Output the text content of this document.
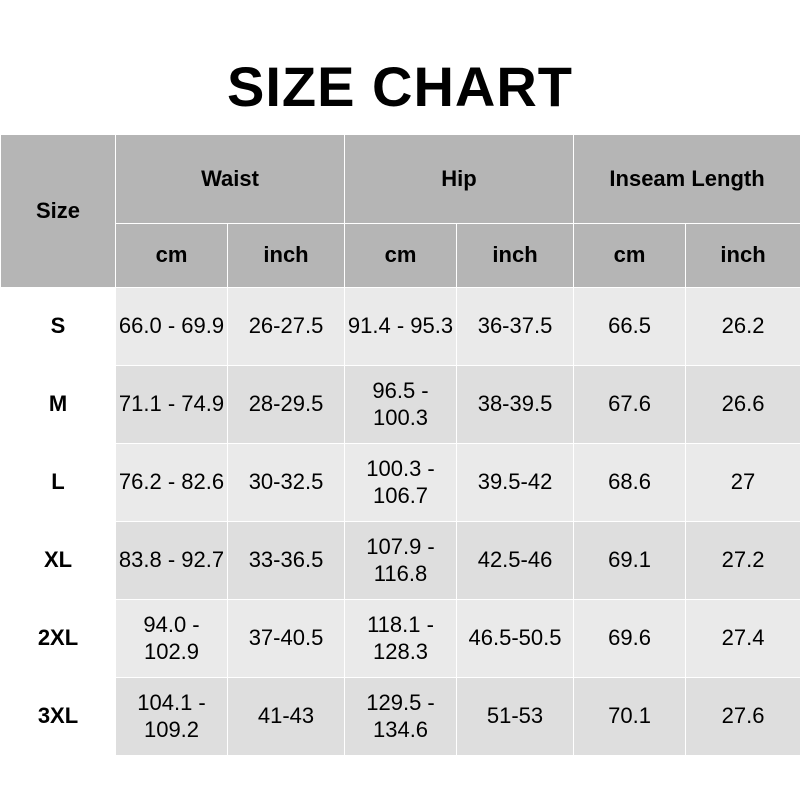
SIZE CHART
Size	Waist		Hip		Inseam Length	
	cm	inch	cm	inch	cm	inch
S	66.0 - 69.9	26-27.5	91.4 - 95.3	36-37.5	66.5	26.2
M	71.1 - 74.9	28-29.5	96.5 - 100.3	38-39.5	67.6	26.6
L	76.2 - 82.6	30-32.5	100.3 - 106.7	39.5-42	68.6	27
XL	83.8 - 92.7	33-36.5	107.9 - 116.8	42.5-46	69.1	27.2
2XL	94.0 - 102.9	37-40.5	118.1 - 128.3	46.5-50.5	69.6	27.4
3XL	104.1 - 109.2	41-43	129.5 - 134.6	51-53	70.1	27.6
